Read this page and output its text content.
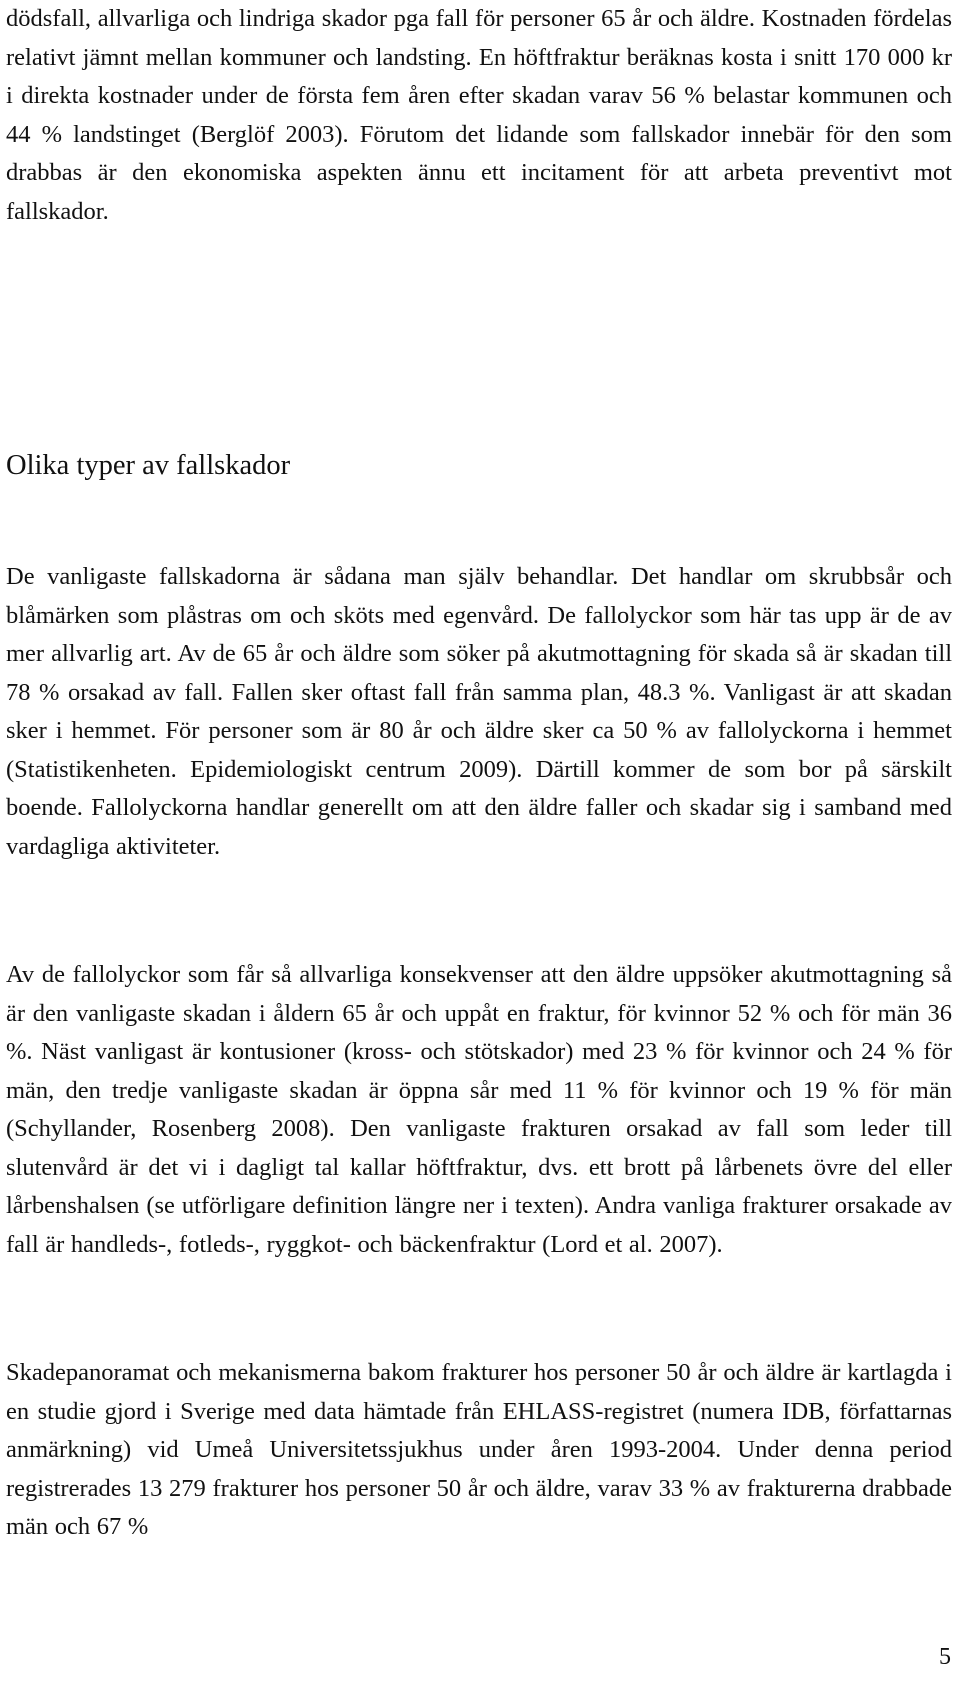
dödsfall, allvarliga och lindriga skador pga fall för personer 65 år och äldre. Kostnaden fördelas relativt jämnt mellan kommuner och landsting. En höftfraktur beräknas kosta i snitt 170 000 kr i direkta kostnader under de första fem åren efter skadan varav 56 % belastar kommunen och 44 % landstinget (Berglöf 2003). Förutom det lidande som fallskador innebär för den som drabbas är den ekonomiska aspekten ännu ett incitament för att arbeta preventivt mot fallskador.

Olika typer av fallskador

De vanligaste fallskadorna är sådana man själv behandlar. Det handlar om skrubbsår och blåmärken som plåstras om och sköts med egenvård. De fallolyckor som här tas upp är de av mer allvarlig art. Av de 65 år och äldre som söker på akutmottagning för skada så är skadan till 78 % orsakad av fall. Fallen sker oftast fall från samma plan, 48.3 %. Vanligast är att skadan sker i hemmet. För personer som är 80 år och äldre sker ca 50 % av fallolyckorna i hemmet (Statistikenheten. Epidemiologiskt centrum 2009). Därtill kommer de som bor på särskilt boende. Fallolyckorna handlar generellt om att den äldre faller och skadar sig i samband med vardagliga aktiviteter.

Av de fallolyckor som får så allvarliga konsekvenser att den äldre uppsöker akutmottagning så är den vanligaste skadan i åldern 65 år och uppåt en fraktur, för kvinnor 52 % och för män 36 %. Näst vanligast är kontusioner (kross- och stötskador) med 23 % för kvinnor och 24 % för män, den tredje vanligaste skadan är öppna sår med 11 % för kvinnor och 19 % för män (Schyllander, Rosenberg 2008). Den vanligaste frakturen orsakad av fall som leder till slutenvård är det vi i dagligt tal kallar höftfraktur, dvs. ett brott på lårbenets övre del eller lårbenshalsen (se utförligare definition längre ner i texten). Andra vanliga frakturer orsakade av fall är handleds-, fotleds-, ryggkot- och bäckenfraktur (Lord et al. 2007).

Skadepanoramat och mekanismerna bakom frakturer hos personer 50 år och äldre är kartlagda i en studie gjord i Sverige med data hämtade från EHLASS-registret (numera IDB, författarnas anmärkning) vid Umeå Universitetssjukhus under åren 1993-2004. Under denna period registrerades 13 279 frakturer hos personer 50 år och äldre, varav 33 % av frakturerna drabbade män och 67 %

5
